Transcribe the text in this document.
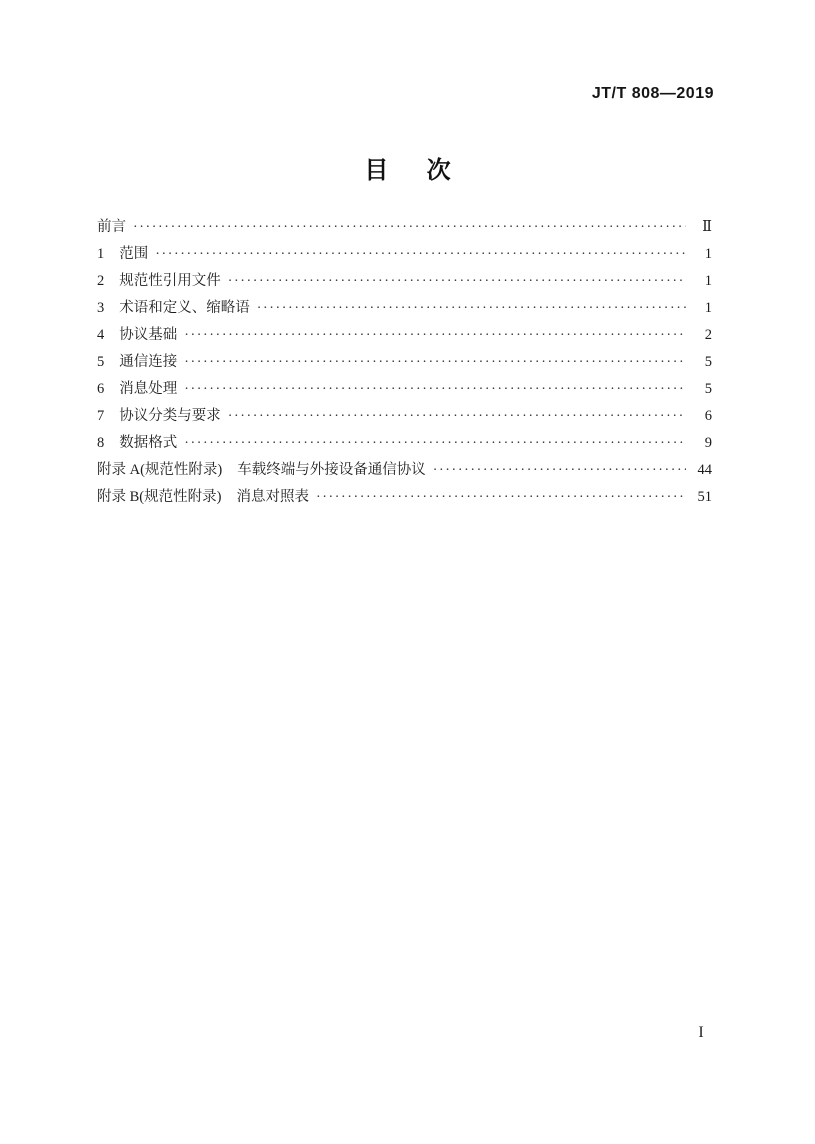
JT/T 808—2019
目 次
前言 ·····	Ⅱ
1 范围 ·····	1
2 规范性引用文件 ·····	1
3 术语和定义、缩略语 ·····	1
4 协议基础 ·····	2
5 通信连接 ·····	5
6 消息处理 ·····	5
7 协议分类与要求 ·····	6
8 数据格式 ·····	9
附录 A(规范性附录) 车载终端与外接设备通信协议 ·····	44
附录 B(规范性附录) 消息对照表 ·····	51
I
